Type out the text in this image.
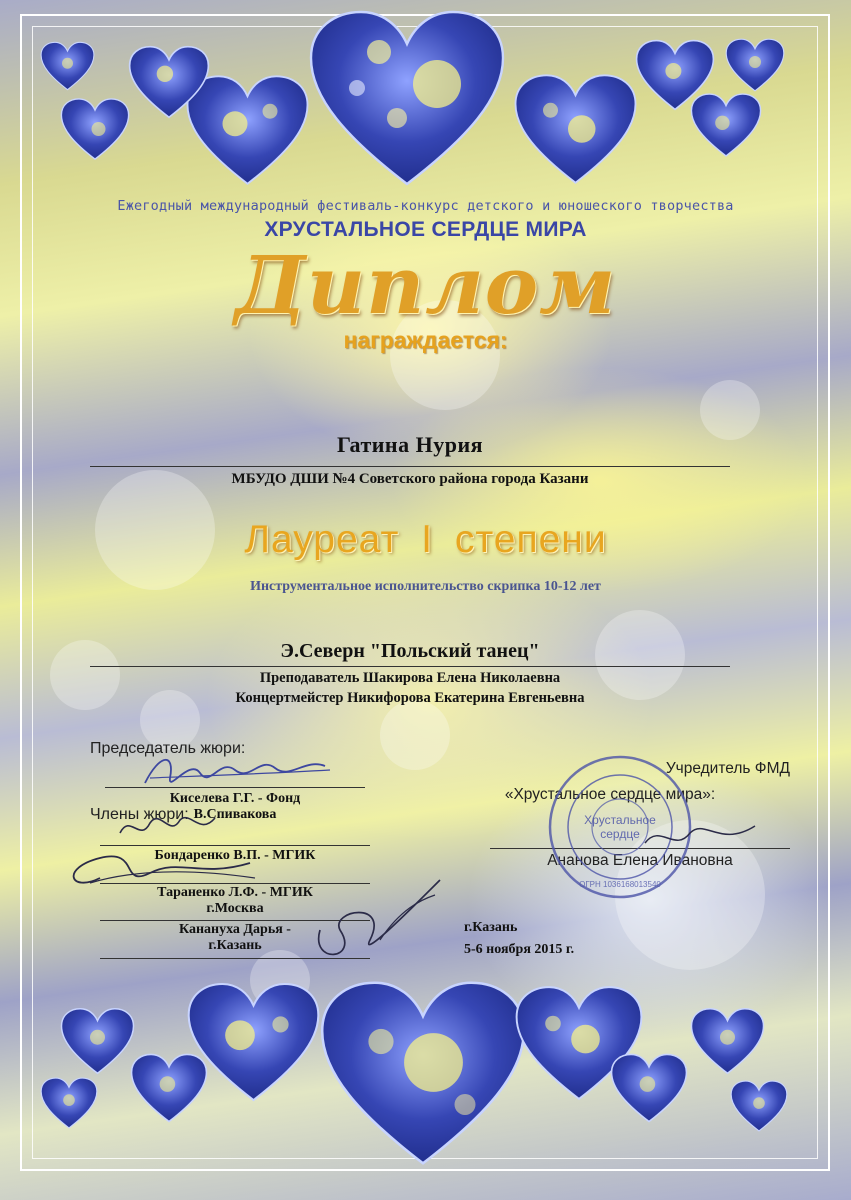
Ежегодный международный фестиваль-конкурс детского и юношеского творчества
ХРУСТАЛЬНОЕ СЕРДЦЕ МИРА
Диплом
награждается:
Гатина Нурия
МБУДО ДШИ №4 Советского района города Казани
Лауреат I степени
Инструментальное исполнительство скрипка 10-12 лет
Э.Северн "Польский танец"
Преподаватель Шакирова Елена Николаевна
Концертмейстер Никифорова Екатерина Евгеньевна
Председатель жюри:
Киселева Г.Г. - Фонд
В.Спивакова
Члены жюри:
Бондаренко В.П. - МГИК
Тараненко Л.Ф. - МГИК
г.Москва
Канануха Дарья -
г.Казань
Учредитель ФМД
«Хрустальное сердце мира»:
Ананова Елена Ивановна
г.Казань
5-6 ноября 2015 г.
Хрустальное
сердце
ОГРН 1036168013540
